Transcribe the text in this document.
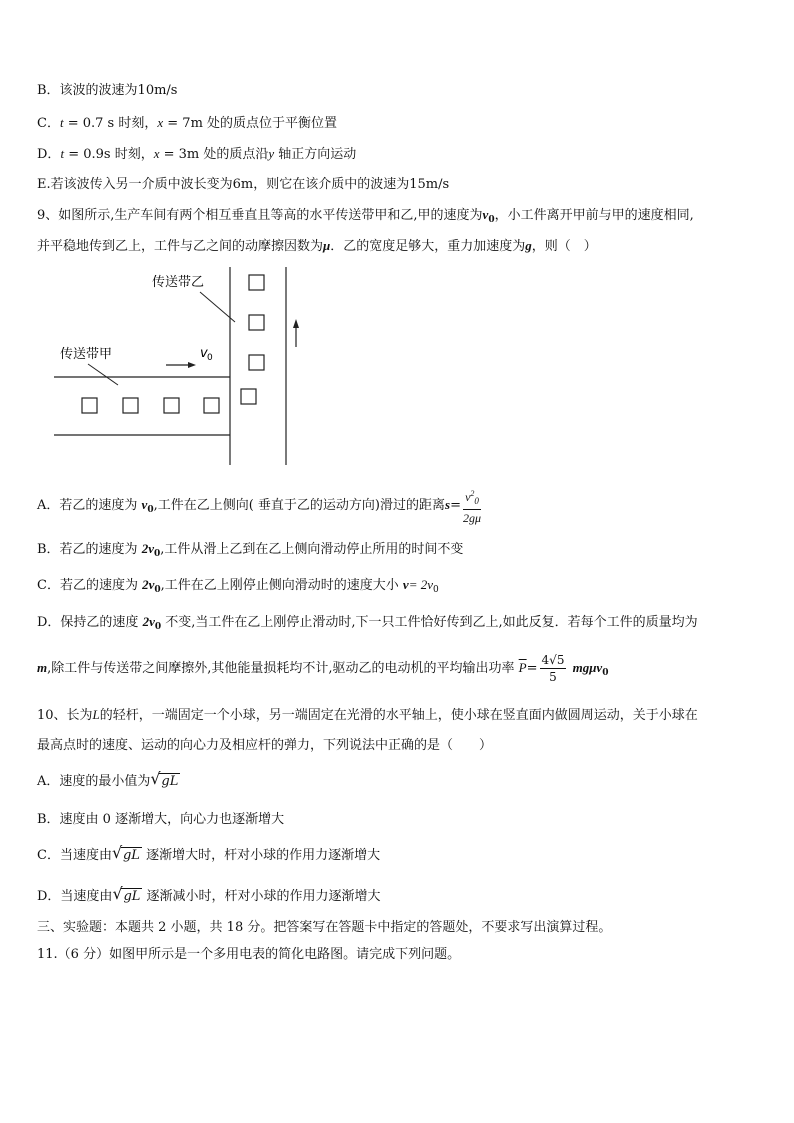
B．该波的波速为10m/s
C．t = 0.7 s 时刻，x = 7m 处的质点位于平衡位置
D．t = 0.9s 时刻，x = 3m 处的质点沿y 轴正方向运动
E.若该波传入另一介质中波长变为6m，则它在该介质中的波速为15m/s
9、如图所示,生产车间有两个相互垂直且等高的水平传送带甲和乙,甲的速度为$v_0$，小工件离开甲前与甲的速度相同,
并平稳地传到乙上，工件与乙之间的动摩擦因数为μ．乙的宽度足够大，重力加速度为g，则（　）
v 0
传送带乙
传送带甲
A．若乙的速度为 $v_0$,工件在乙上侧向( 垂直于乙的运动方向)滑过的距离$s= \frac{v^2_0}{2g\mu}$
B．若乙的速度为 $2v_0$,工件从滑上乙到在乙上侧向滑动停止所用的时间不变
C．若乙的速度为 $2v_0$,工件在乙上刚停止侧向滑动时的速度大小 $v= 2v_0$
D．保持乙的速度 $2v_0$ 不变,当工件在乙上刚停止滑动时,下一只工件恰好传到乙上,如此反复．若每个工件的质量均为
m,除工件与传送带之间摩擦外,其他能量损耗均不计,驱动乙的电动机的平均输出功率 $\overline{P}= \frac{4√5}{5} mg\mu v_0$
10、长为L的轻杆，一端固定一个小球，另一端固定在光滑的水平轴上，使小球在竖直面内做圆周运动，关于小球在
最高点时的速度、运动的向心力及相应杆的弹力，下列说法中正确的是（　　）
A．速度的最小值为 √ gL
B．速度由 0 逐渐增大，向心力也逐渐增大
C．当速度由 √ gL 逐渐增大时，杆对小球的作用力逐渐增大
D．当速度由 √ gL 逐渐减小时，杆对小球的作用力逐渐增大
三、实验题：本题共 2 小题，共 18 分。把答案写在答题卡中指定的答题处，不要求写出演算过程。
11.（6 分）如图甲所示是一个多用电表的简化电路图。请完成下列问题。
